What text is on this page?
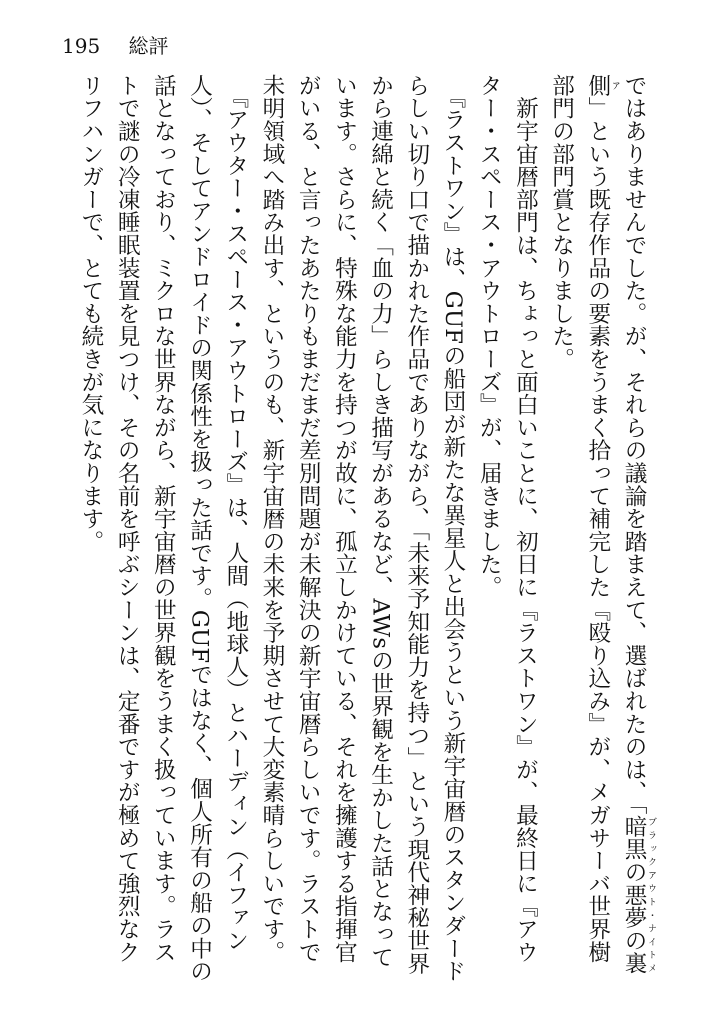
195 総評

ではありませんでした。が、それらの議論を踏まえて、選ばれたのは、「暗黒の悪夢の裏側ブラックアウト・ナイトメア」という既存作品の要素をうまく拾って補完した『殴り込み』が、メガサーバ世界樹部門の部門賞となりました。

　新宇宙暦部門は、ちょっと面白いことに、初日に『ラストワン』が、最終日に『アウター・スペース・アウトローズ』が、届きました。

　『ラストワン』は、GUFの船団が新たな異星人と出会うという新宇宙暦のスタンダードらしい切り口で描かれた作品でありながら、「未来予知能力を持つ」という現代神秘世界から連綿と続く「血の力」らしき描写があるなど、AWsの世界観を生かした話となっています。さらに、特殊な能力を持つが故に、孤立しかけている、それを擁護する指揮官がいる、と言ったあたりもまだまだ差別問題が未解決の新宇宙暦らしいです。ラストで未明領域へ踏み出す、というのも、新宇宙暦の未来を予期させて大変素晴らしいです。

　『アウター・スペース・アウトローズ』は、人間（地球人）とハーディン（イファン人）、そしてアンドロイドの関係性を扱った話です。GUFではなく、個人所有の船の中の話となっており、ミクロな世界ながら、新宇宙暦の世界観をうまく扱っています。ラストで謎の冷凍睡眠装置を見つけ、その名前を呼ぶシーンは、定番ですが極めて強烈なクリフハンガーで、とても続きが気になります。
